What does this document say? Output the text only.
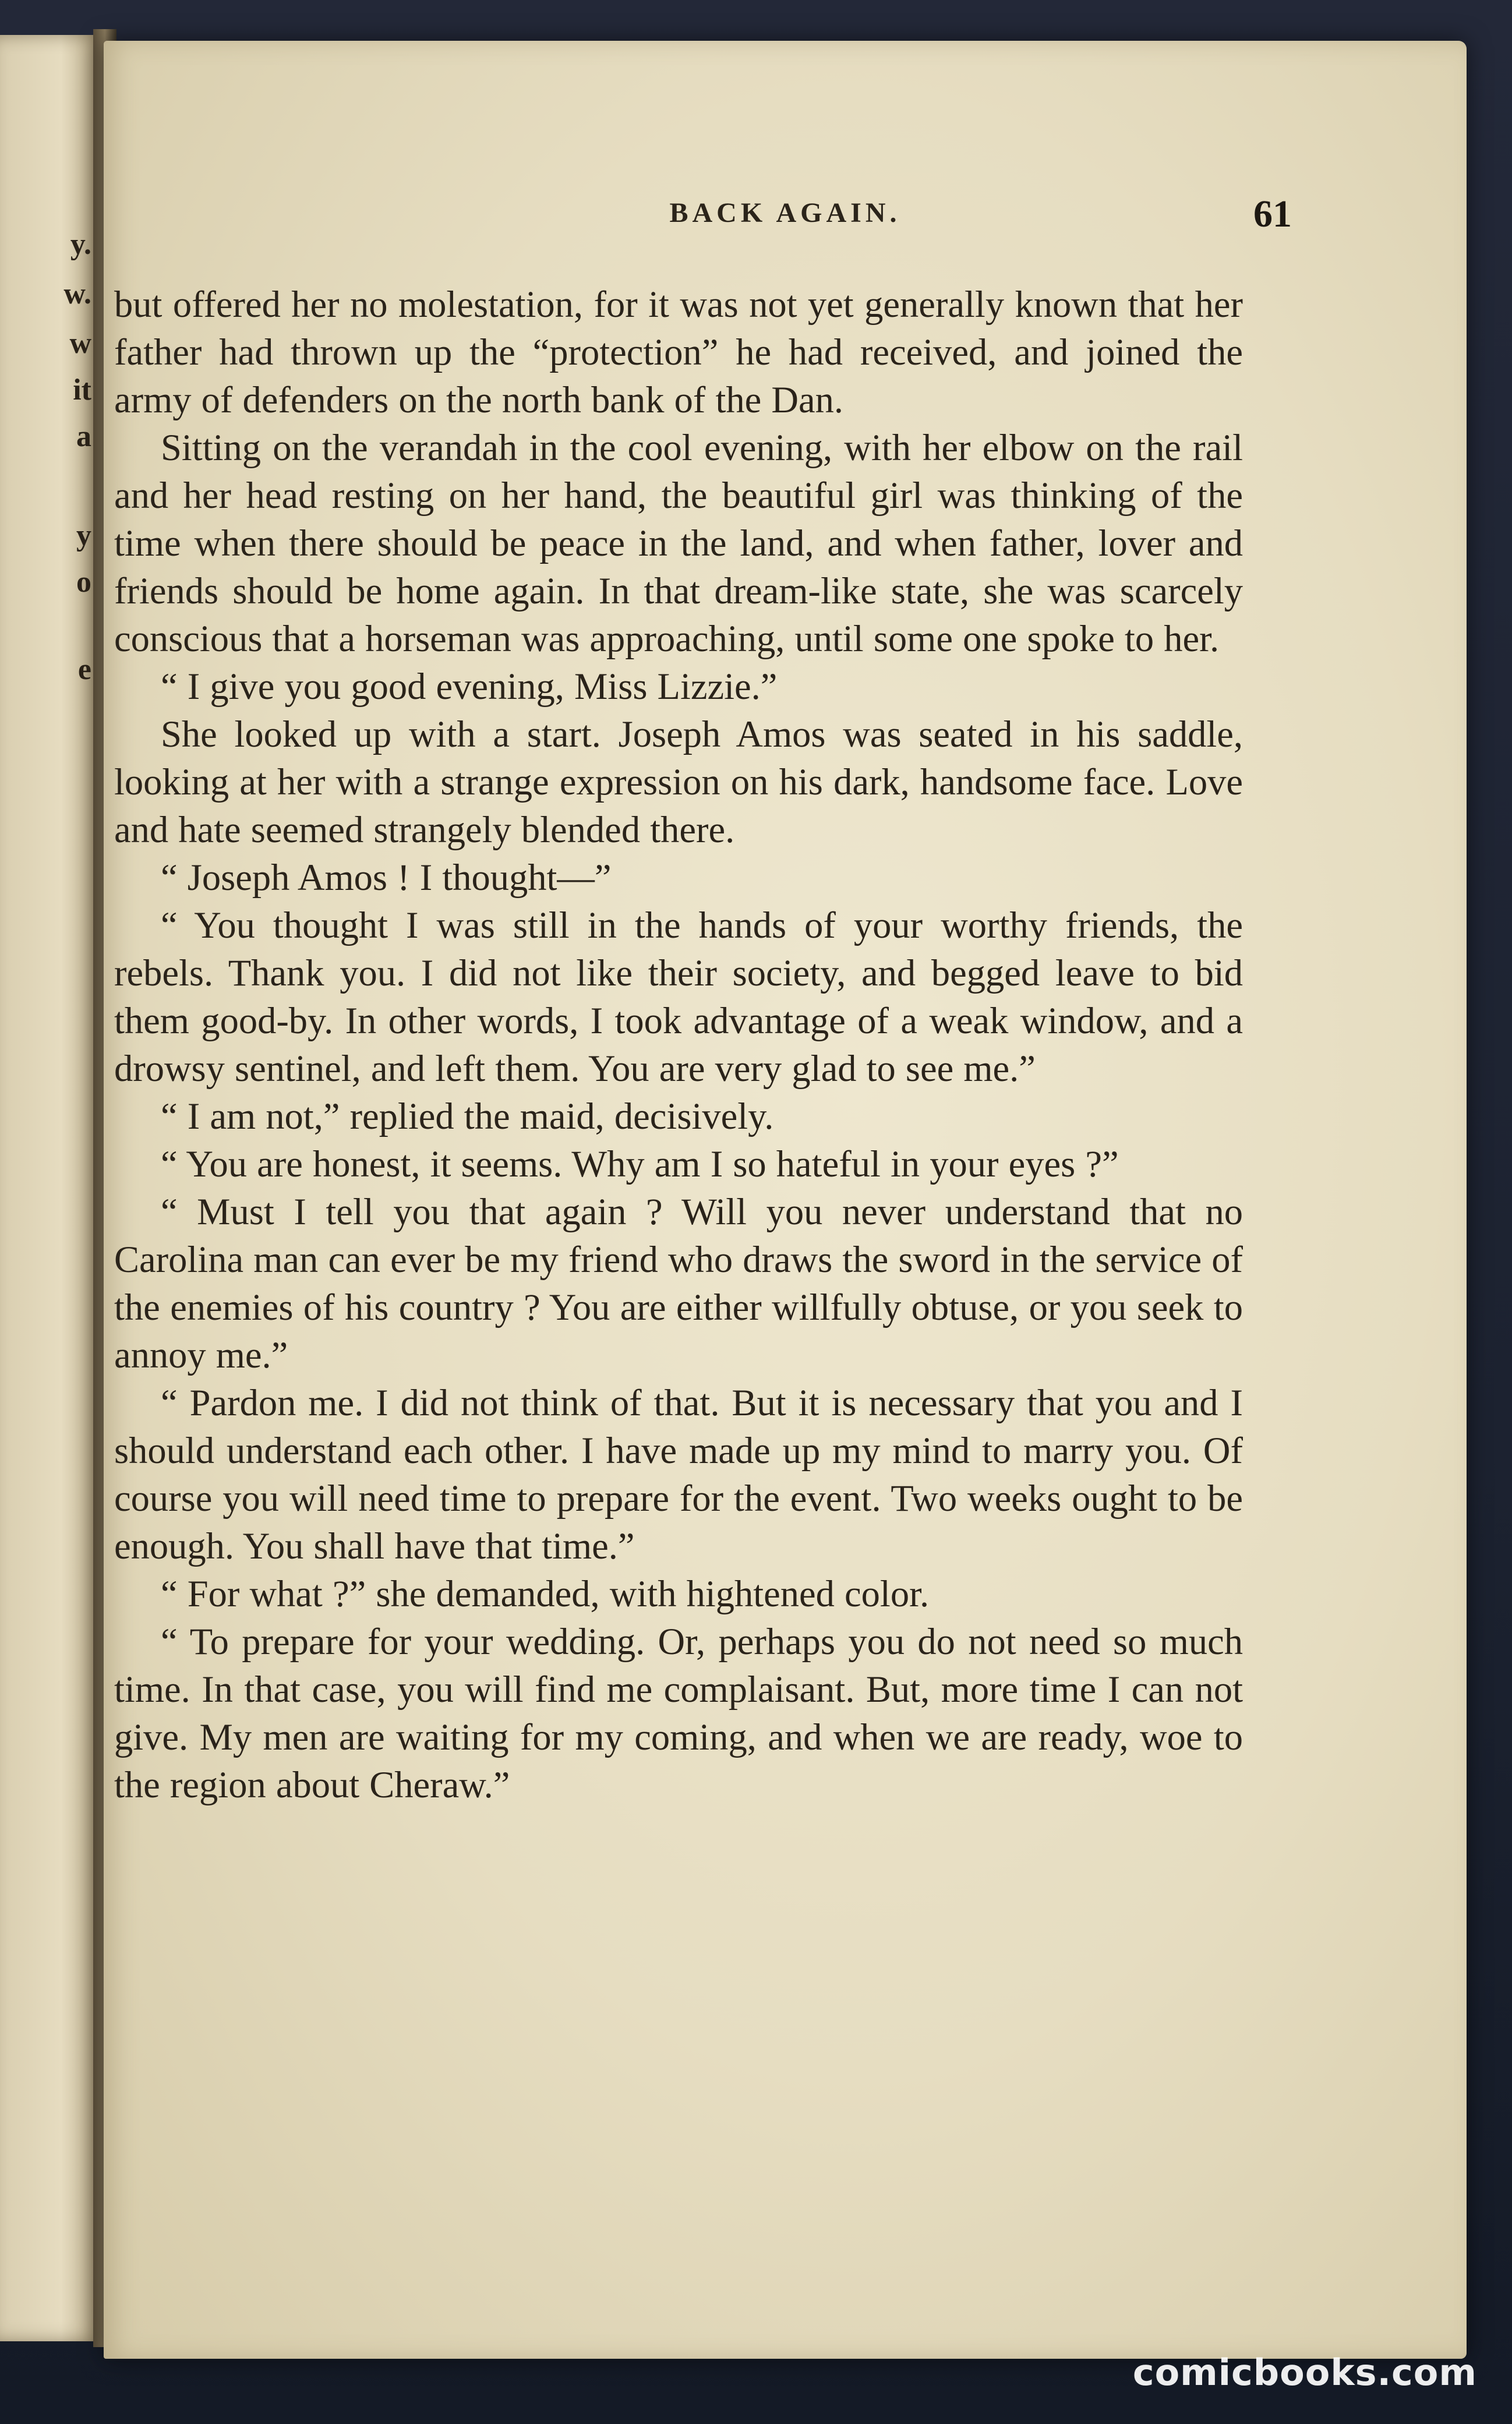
y.
w.
w
it
a
y
o
e
BACK AGAIN.	61

but offered her no molestation, for it was not yet generally known that her father had thrown up the “protection” he had received, and joined the army of defenders on the north bank of the Dan.

Sitting on the verandah in the cool evening, with her elbow on the rail and her head resting on her hand, the beautiful girl was thinking of the time when there should be peace in the land, and when father, lover and friends should be home again. In that dream-like state, she was scarcely conscious that a horseman was approaching, until some one spoke to her.

“ I give you good evening, Miss Lizzie.”

She looked up with a start. Joseph Amos was seated in his saddle, looking at her with a strange expression on his dark, handsome face. Love and hate seemed strangely blended there.

“ Joseph Amos ! I thought—”

“ You thought I was still in the hands of your worthy friends, the rebels. Thank you. I did not like their society, and begged leave to bid them good-by. In other words, I took advantage of a weak window, and a drowsy sentinel, and left them. You are very glad to see me.”

“ I am not,” replied the maid, decisively.

“ You are honest, it seems. Why am I so hateful in your eyes ?”

“ Must I tell you that again ? Will you never understand that no Carolina man can ever be my friend who draws the sword in the service of the enemies of his country ? You are either willfully obtuse, or you seek to annoy me.”

“ Pardon me. I did not think of that. But it is necessary that you and I should understand each other. I have made up my mind to marry you. Of course you will need time to prepare for the event. Two weeks ought to be enough. You shall have that time.”

“ For what ?” she demanded, with hightened color.

“ To prepare for your wedding. Or, perhaps you do not need so much time. In that case, you will find me complaisant. But, more time I can not give. My men are waiting for my coming, and when we are ready, woe to the region about Cheraw.”

comicbooks.com
